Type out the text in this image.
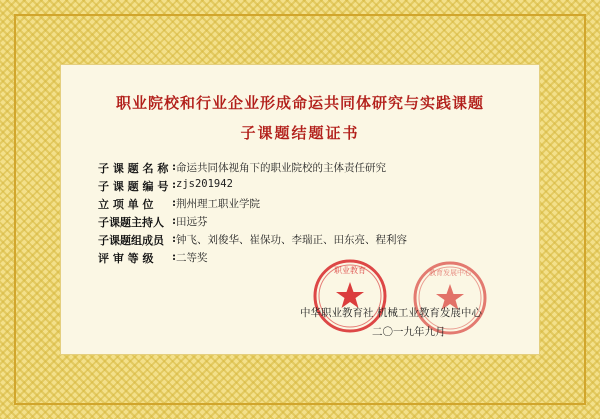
职业院校和行业企业形成命运共同体研究与实践课题
子课题结题证书
子 课 题 名 称 : 命运共同体视角下的职业院校的主体责任研究
子 课 题 编 号 : zjs201942
立 项 单 位	: 荆州理工职业学院
子课题主持人 : 田远芬
子课题组成员 : 钟飞、刘俊华、崔保功、李瑞正、田东亮、程利容
评 审 等 级	: 二等奖
职业教育	教育发展中心
中华职业教育社 机械工业教育发展中心
二〇一九年九月
